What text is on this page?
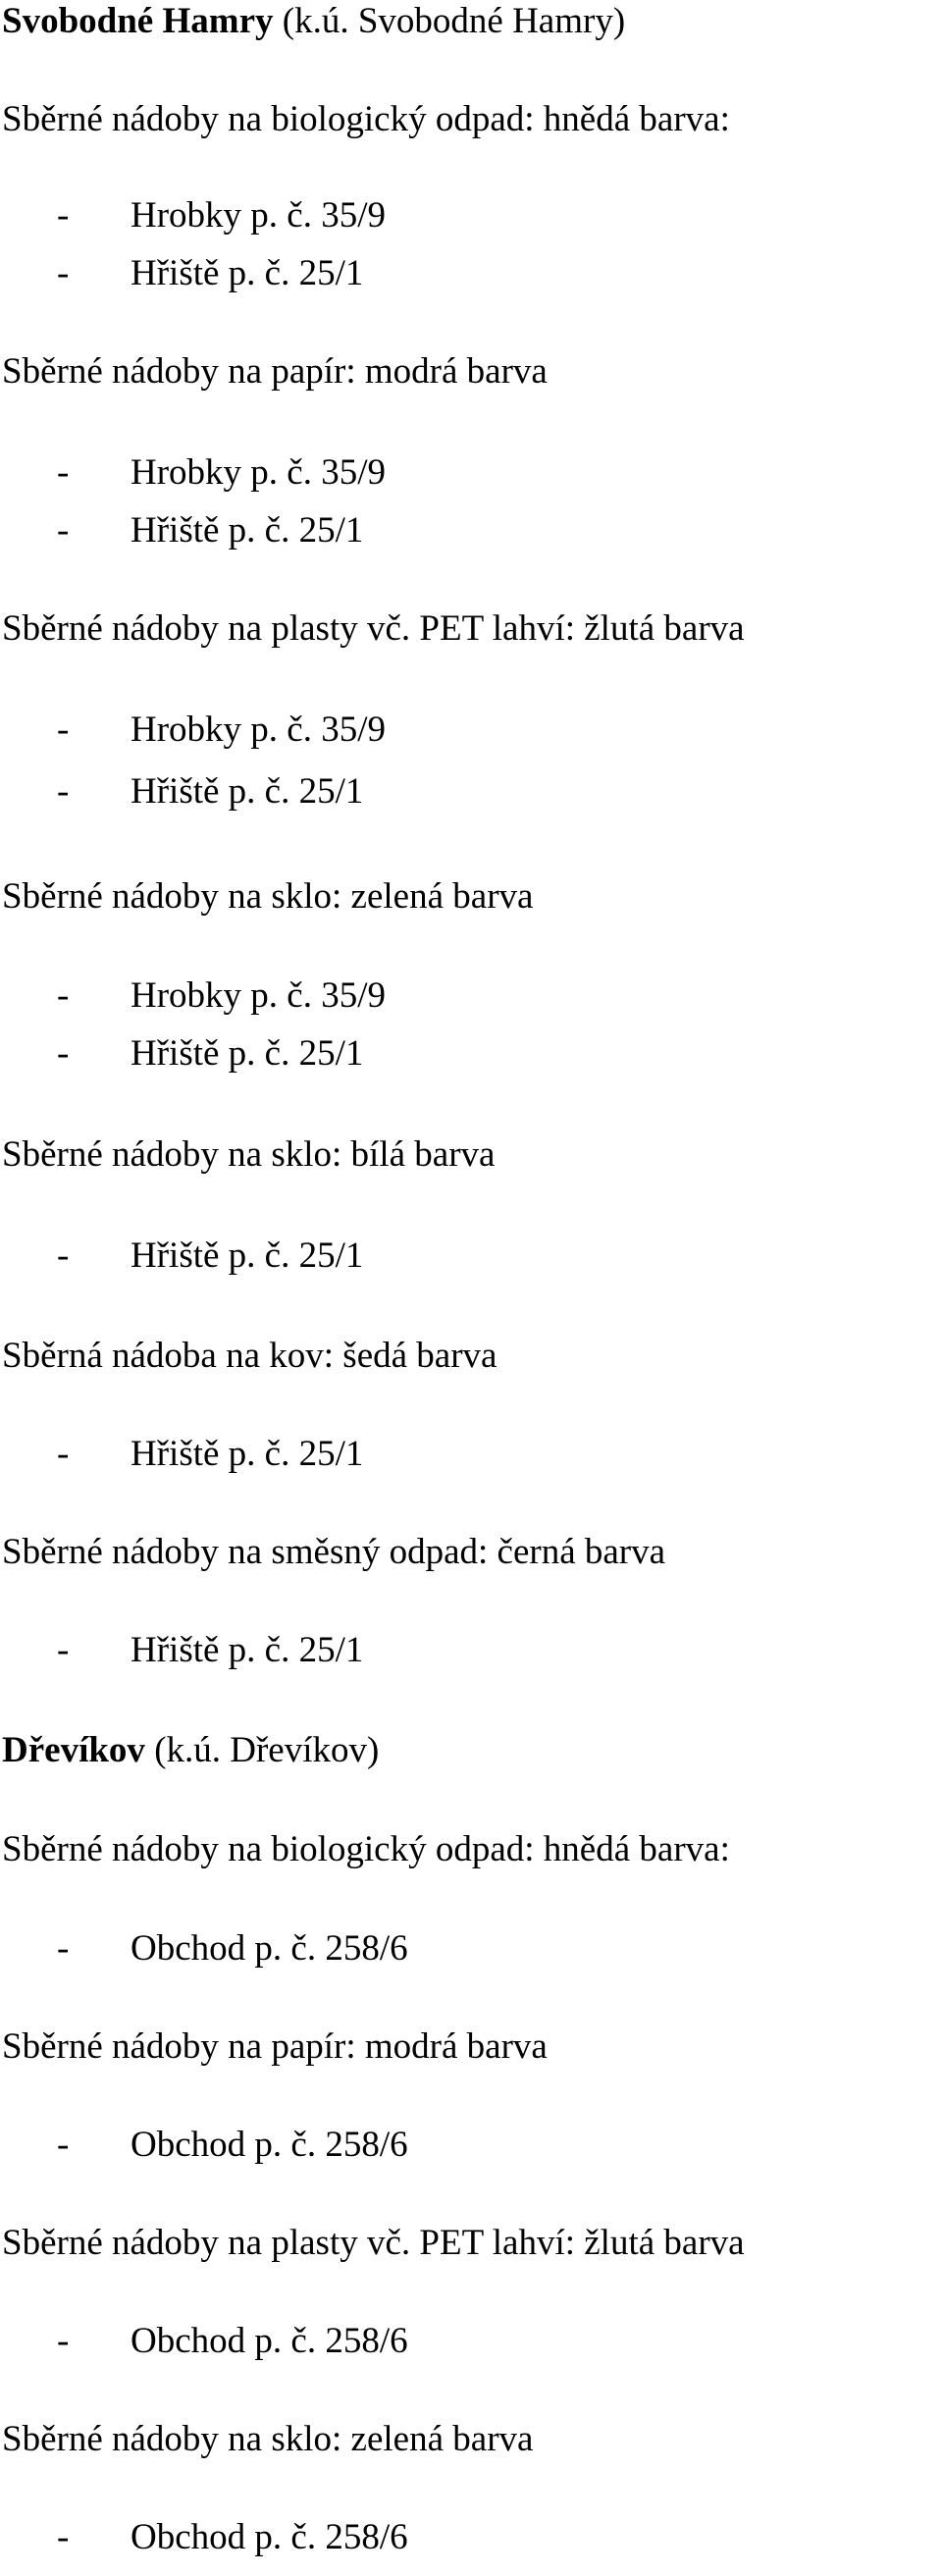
Svobodné Hamry (k.ú. Svobodné Hamry)
Sběrné nádoby na biologický odpad: hnědá barva:
- Hrobky p. č. 35/9
- Hřiště p. č. 25/1
Sběrné nádoby na papír: modrá barva
- Hrobky p. č. 35/9
- Hřiště p. č. 25/1
Sběrné nádoby na plasty vč. PET lahví: žlutá barva
- Hrobky p. č. 35/9
- Hřiště p. č. 25/1
Sběrné nádoby na sklo: zelená barva
- Hrobky p. č. 35/9
- Hřiště p. č. 25/1
Sběrné nádoby na sklo: bílá barva
- Hřiště p. č. 25/1
Sběrná nádoba na kov: šedá barva
- Hřiště p. č. 25/1
Sběrné nádoby na směsný odpad: černá barva
- Hřiště p. č. 25/1
Dřevíkov (k.ú. Dřevíkov)
Sběrné nádoby na biologický odpad: hnědá barva:
- Obchod p. č. 258/6
Sběrné nádoby na papír: modrá barva
- Obchod p. č. 258/6
Sběrné nádoby na plasty vč. PET lahví: žlutá barva
- Obchod p. č. 258/6
Sběrné nádoby na sklo: zelená barva
- Obchod p. č. 258/6
